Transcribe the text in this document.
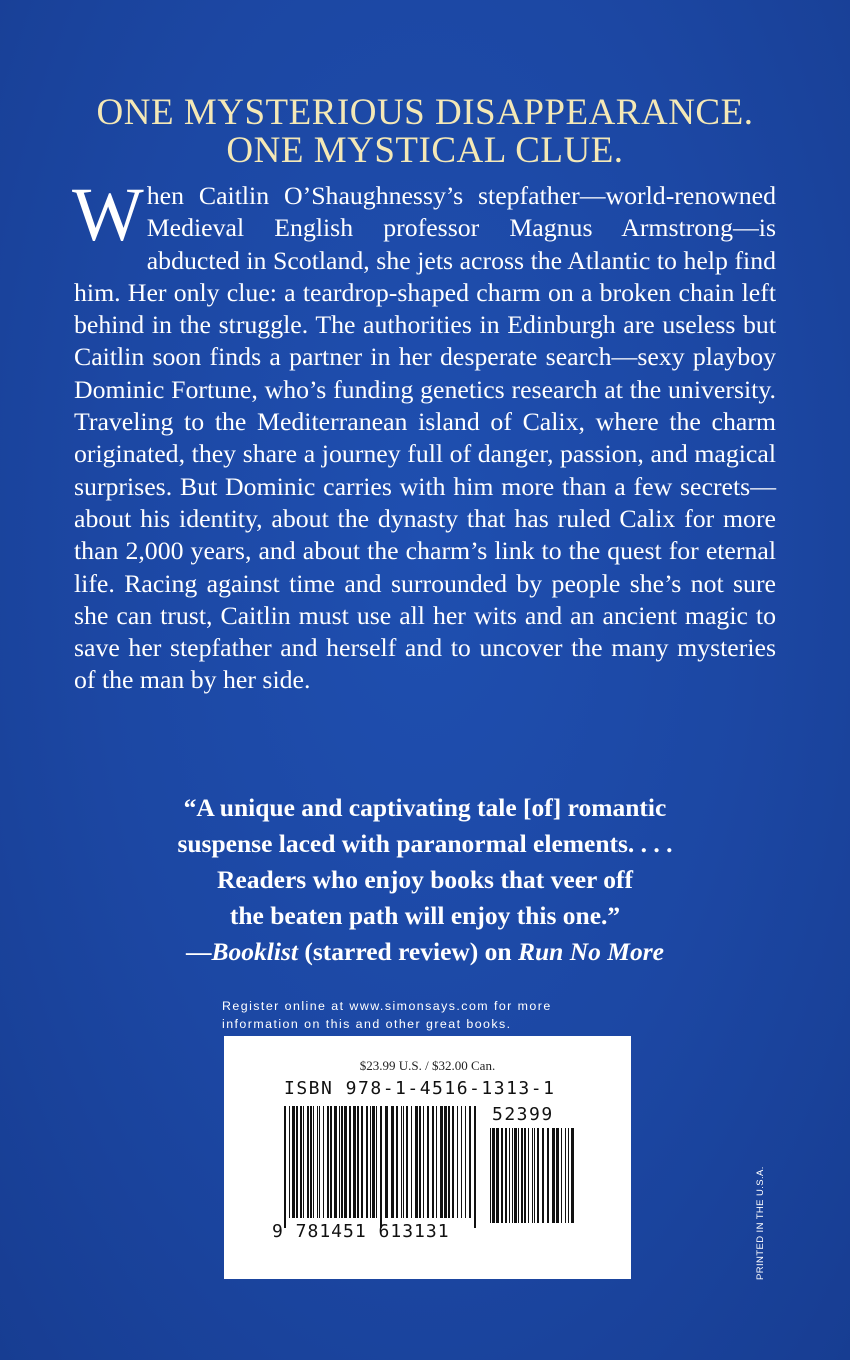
ONE MYSTERIOUS DISAPPEARANCE.
ONE MYSTICAL CLUE.
When Caitlin O’Shaughnessy’s stepfather—world-renowned Medieval English professor Magnus Armstrong—is abducted in Scotland, she jets across the Atlantic to help find him. Her only clue: a teardrop-shaped charm on a broken chain left behind in the struggle. The authorities in Edinburgh are useless but Caitlin soon finds a partner in her desperate search—sexy playboy Dominic Fortune, who’s funding genetics research at the university. Traveling to the Mediterranean island of Calix, where the charm originated, they share a journey full of danger, passion, and magical surprises. But Dominic carries with him more than a few secrets—about his identity, about the dynasty that has ruled Calix for more than 2,000 years, and about the charm’s link to the quest for eternal life. Racing against time and surrounded by people she’s not sure she can trust, Caitlin must use all her wits and an ancient magic to save her stepfather and herself and to uncover the many mysteries of the man by her side.
“A unique and captivating tale [of] romantic
suspense laced with paranormal elements. . . .
Readers who enjoy books that veer off
the beaten path will enjoy this one.”
—Booklist (starred review) on Run No More
Register online at www.simonsays.com for more
information on this and other great books.
$23.99 U.S. / $32.00 Can.
ISBN 978-1-4516-1313-1
52399
9 781451 613131	PRINTED IN THE U.S.A.
